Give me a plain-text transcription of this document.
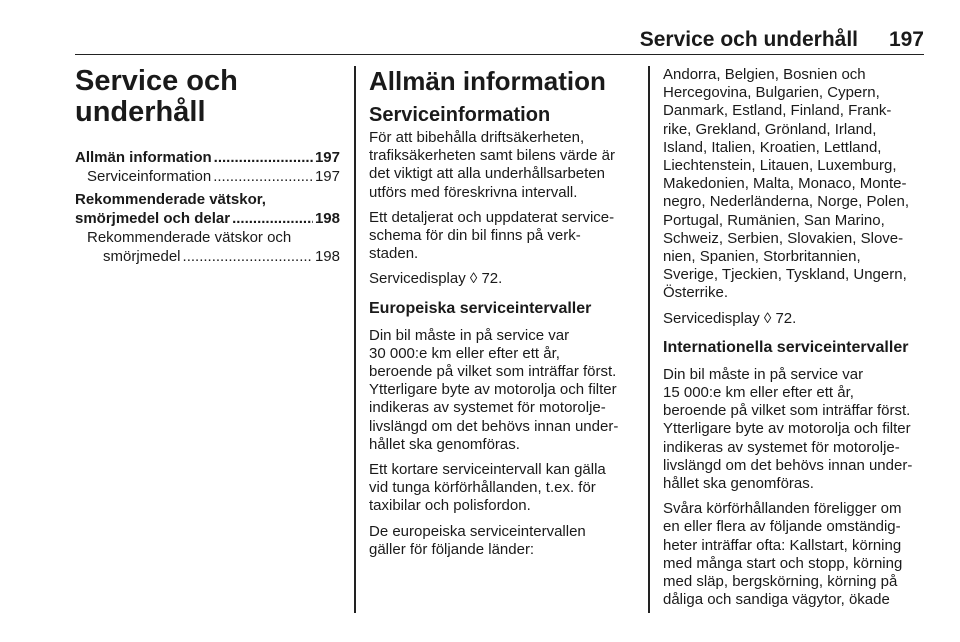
Service och underhåll 197
Service och
underhåll
Allmän information .....	197
Serviceinformation .....	197
Rekommenderade vätskor,
smörjmedel och delar .....	198
Rekommenderade vätskor och
smörjmedel .....	198
Allmän information
Serviceinformation
För att bibehålla driftsäkerheten,
trafiksäkerheten samt bilens värde är
det viktigt att alla underhållsarbeten
utförs med föreskrivna intervall.
Ett detaljerat och uppdaterat service-
schema för din bil finns på verk-
staden.
Servicedisplay ◊ 72.
Europeiska serviceintervaller
Din bil måste in på service var
30 000:e km eller efter ett år,
beroende på vilket som inträffar först.
Ytterligare byte av motorolja och filter
indikeras av systemet för motorolje-
livslängd om det behövs innan under-
hållet ska genomföras.
Ett kortare serviceintervall kan gälla
vid tunga körförhållanden, t.ex. för
taxibilar och polisfordon.
De europeiska serviceintervallen
gäller för följande länder:
Andorra, Belgien, Bosnien och
Hercegovina, Bulgarien, Cypern,
Danmark, Estland, Finland, Frank-
rike, Grekland, Grönland, Irland,
Island, Italien, Kroatien, Lettland,
Liechtenstein, Litauen, Luxemburg,
Makedonien, Malta, Monaco, Monte-
negro, Nederländerna, Norge, Polen,
Portugal, Rumänien, San Marino,
Schweiz, Serbien, Slovakien, Slove-
nien, Spanien, Storbritannien,
Sverige, Tjeckien, Tyskland, Ungern,
Österrike.
Servicedisplay ◊ 72.
Internationella serviceintervaller
Din bil måste in på service var
15 000:e km eller efter ett år,
beroende på vilket som inträffar först.
Ytterligare byte av motorolja och filter
indikeras av systemet för motorolje-
livslängd om det behövs innan under-
hållet ska genomföras.
Svåra körförhållanden föreligger om
en eller flera av följande omständig-
heter inträffar ofta: Kallstart, körning
med många start och stopp, körning
med släp, bergskörning, körning på
dåliga och sandiga vägytor, ökade
